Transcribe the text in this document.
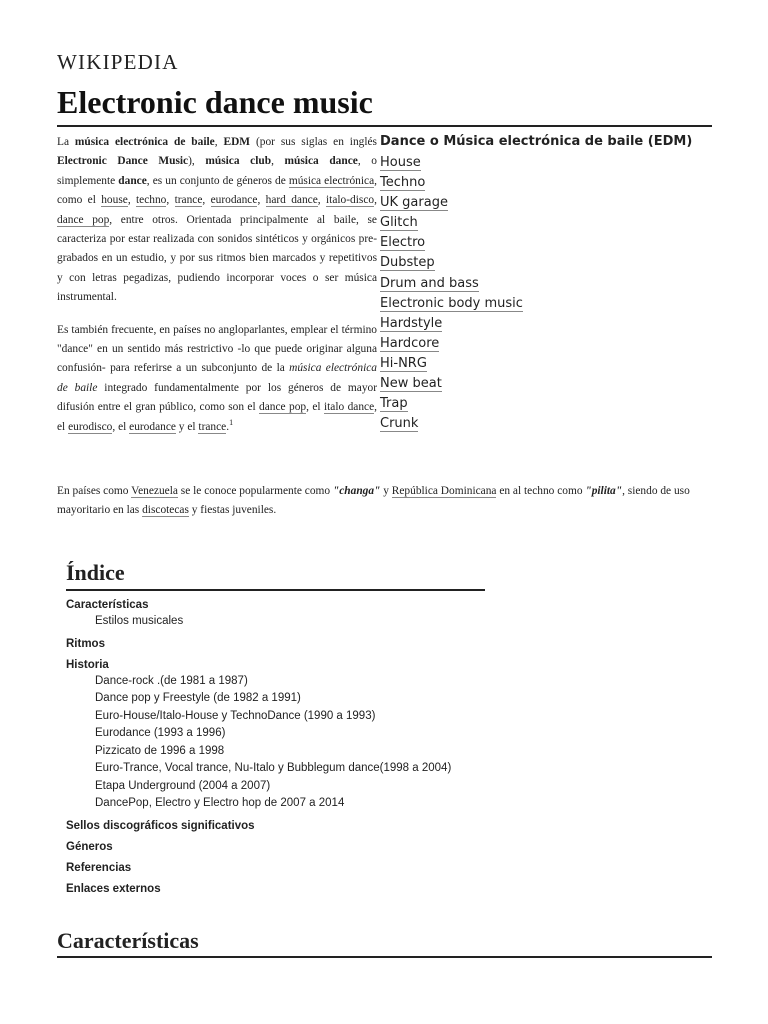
WIKIPEDIA
Electronic dance music

La música electrónica de baile, EDM (por sus siglas en inglés Electronic Dance Music), música club, música dance, o simplemente dance, es un conjunto de géneros de música electrónica, como el house, techno, trance, eurodance, hard dance, italo-disco, dance pop, entre otros. Orientada principalmente al baile, se caracteriza por estar realizada con sonidos sintéticos y orgánicos pre-grabados en un estudio, y por sus ritmos bien marcados y repetitivos y con letras pegadizas, pudiendo incorporar voces o ser música instrumental.

Es también frecuente, en países no angloparlantes, emplear el término "dance" en un sentido más restrictivo -lo que puede originar alguna confusión- para referirse a un subconjunto de la música electrónica de baile integrado fundamentalmente por los géneros de mayor difusión entre el gran público, como son el dance pop, el italo dance, el eurodisco, el eurodance y el trance.$^1$

Dance o Música electrónica de baile (EDM)
House
Techno
UK garage
Glitch
Electro
Dubstep
Drum and bass
Electronic body music
Hardstyle
Hardcore
Hi-NRG
New beat
Trap
Crunk

En países como Venezuela se le conoce popularmente como "changa" y República Dominicana en al techno como "pilita", siendo de uso mayoritario en las discotecas y fiestas juveniles.

Índice
Características
Estilos musicales
Ritmos
Historia
Dance-rock .(de 1981 a 1987)
Dance pop y Freestyle (de 1982 a 1991)
Euro-House/Italo-House y TechnoDance (1990 a 1993)
Eurodance (1993 a 1996)
Pizzicato de 1996 a 1998
Euro-Trance, Vocal trance, Nu-Italo y Bubblegum dance(1998 a 2004)
Etapa Underground (2004 a 2007)
DancePop, Electro y Electro hop de 2007 a 2014
Sellos discográficos significativos
Géneros
Referencias
Enlaces externos
Características
